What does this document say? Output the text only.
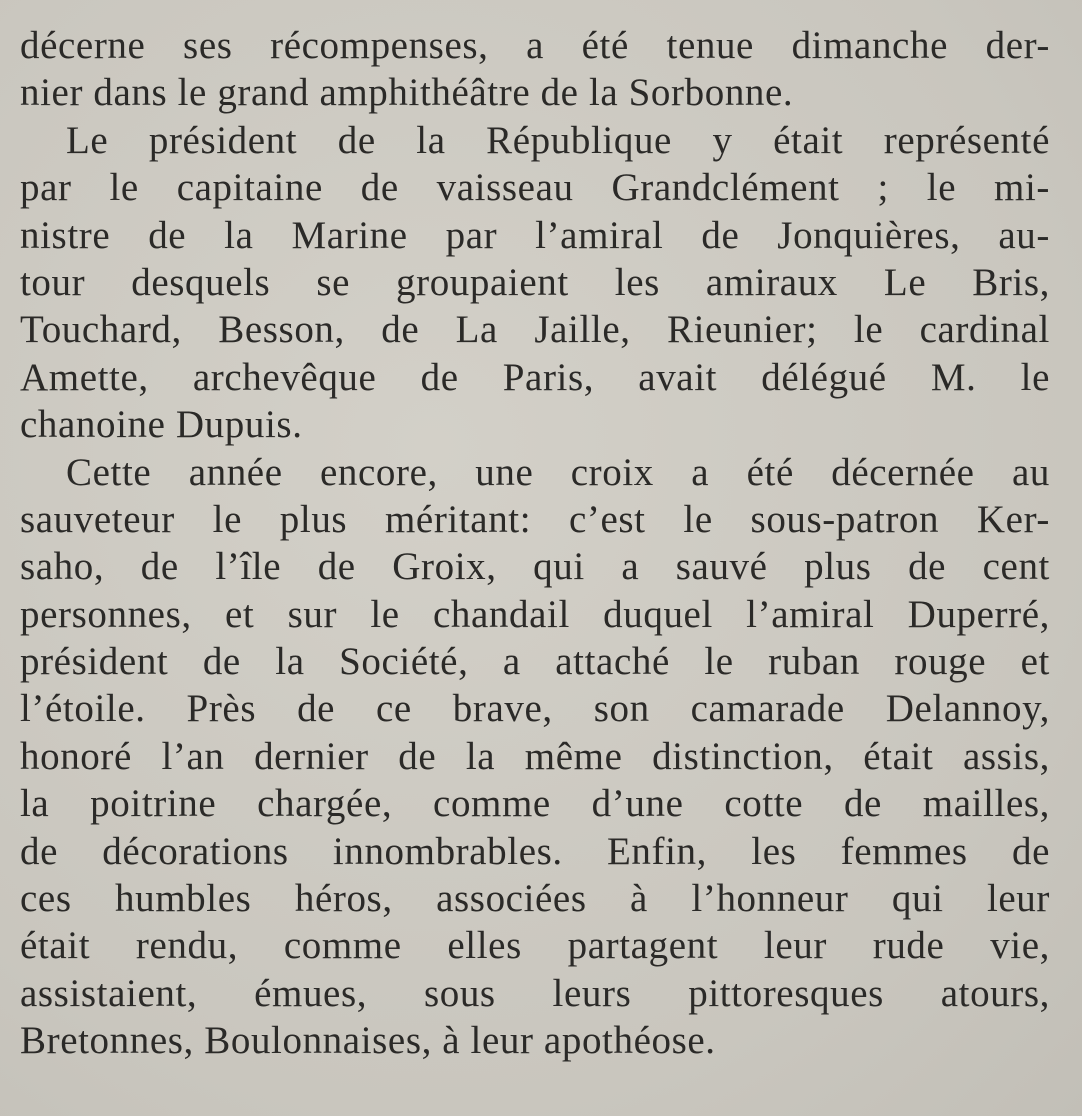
décerne ses récompenses, a été tenue dimanche der-
nier dans le grand amphithéâtre de la Sorbonne.
Le président de la République y était représenté
par le capitaine de vaisseau Grandclément ; le mi-
nistre de la Marine par l’amiral de Jonquières, au-
tour desquels se groupaient les amiraux Le Bris,
Touchard, Besson, de La Jaille, Rieunier; le cardinal
Amette, archevêque de Paris, avait délégué M. le
chanoine Dupuis.
Cette année encore, une croix a été décernée au
sauveteur le plus méritant: c’est le sous-patron Ker-
saho, de l’île de Groix, qui a sauvé plus de cent
personnes, et sur le chandail duquel l’amiral Duperré,
président de la Société, a attaché le ruban rouge et
l’étoile. Près de ce brave, son camarade Delannoy,
honoré l’an dernier de la même distinction, était assis,
la poitrine chargée, comme d’une cotte de mailles,
de décorations innombrables. Enfin, les femmes de
ces humbles héros, associées à l’honneur qui leur
était rendu, comme elles partagent leur rude vie,
assistaient, émues, sous leurs pittoresques atours,
Bretonnes, Boulonnaises, à leur apothéose.
